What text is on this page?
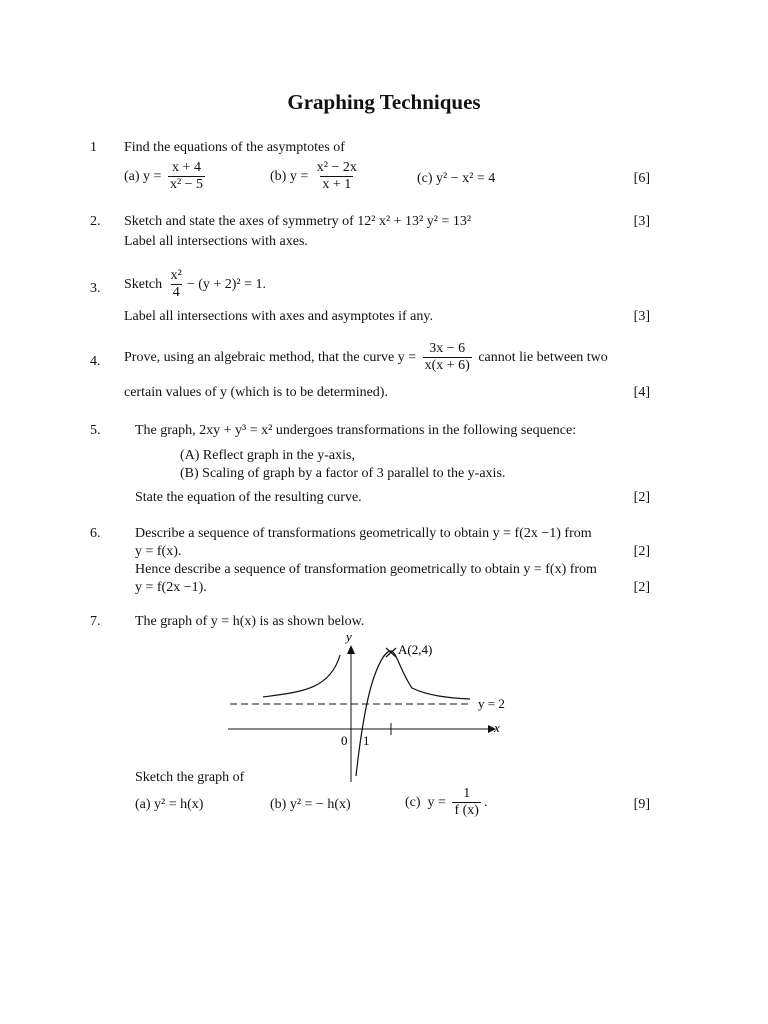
Graphing Techniques
1 Find the equations of the asymptotes of
(a) $y = \frac{x + 4}{\text{x² − 5}}$	(b) $y = \frac{\text{x² − 2x}}{x + 1}$	(c) y² − x² = 4	[6]
2. Sketch and state the axes of symmetry of 12² x² + 13² y² = 13²	[3]
Label all intersections with axes.
3. Sketch $\frac{\text{x²}}{4} - (y + 2)^2 = 1$.
Label all intersections with axes and asymptotes if any.	[3]
4. Prove, using an algebraic method, that the curve $y = \frac{3x - 6}{x(x + 6)}$ cannot lie between two
certain values of y (which is to be determined).	[4]
5. The graph, 2xy + y³ = x² undergoes transformations in the following sequence:
(A) Reflect graph in the y-axis,
(B) Scaling of graph by a factor of 3 parallel to the y-axis.
State the equation of the resulting curve.	[2]
6. Describe a sequence of transformations geometrically to obtain y = f(2x −1) from
y = f(x).	[2]
Hence describe a sequence of transformation geometrically to obtain y = f(x) from
y = f(2x −1).	[2]
7. The graph of y = h(x) is as shown below.
y
x
A(2,4)
y = 2
0 1
Sketch the graph of
(a) y² = h(x)	(b) y² = − h(x)	(c) $y = \frac{1}{f (x)}$ .	[9]
